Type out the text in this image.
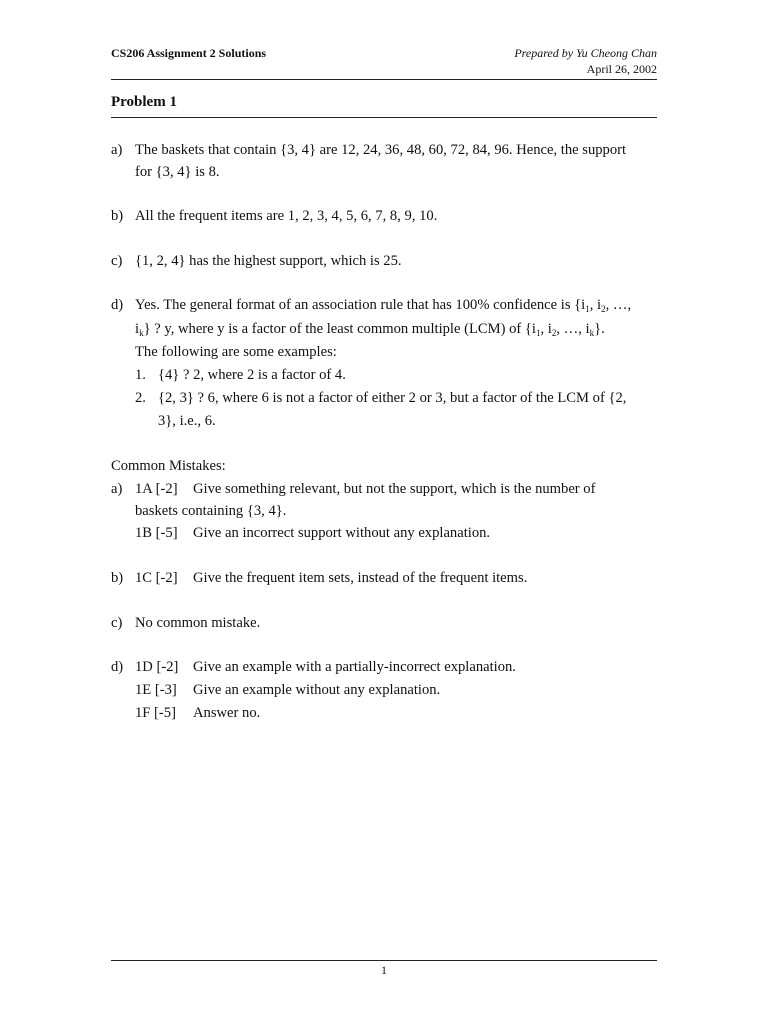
CS206 Assignment 2 Solutions	Prepared by Yu Cheong Chan
April 26, 2002
Problem 1
a) The baskets that contain {3, 4} are 12, 24, 36, 48, 60, 72, 84, 96. Hence, the support
for {3, 4} is 8.
b) All the frequent items are 1, 2, 3, 4, 5, 6, 7, 8, 9, 10.
c) {1, 2, 4} has the highest support, which is 25.
d) Yes. The general format of an association rule that has 100% confidence is {$i_1$, $i_2$, …,
$i_k$} ? y, where y is a factor of the least common multiple (LCM) of {$i_1$, $i_2$, …, $i_k$}.
The following are some examples:
1. {4} ? 2, where 2 is a factor of 4.
2. {2, 3} ? 6, where 6 is not a factor of either 2 or 3, but a factor of the LCM of {2,
3}, i.e., 6.
Common Mistakes:
a) 1A [-2] Give something relevant, but not the support, which is the number of
baskets containing {3, 4}.
1B [-5] Give an incorrect support without any explanation.
b) 1C [-2] Give the frequent item sets, instead of the frequent items.
c) No common mistake.
d) 1D [-2] Give an example with a partially-incorrect explanation.
1E [-3] Give an example without any explanation.
1F [-5] Answer no.
1
